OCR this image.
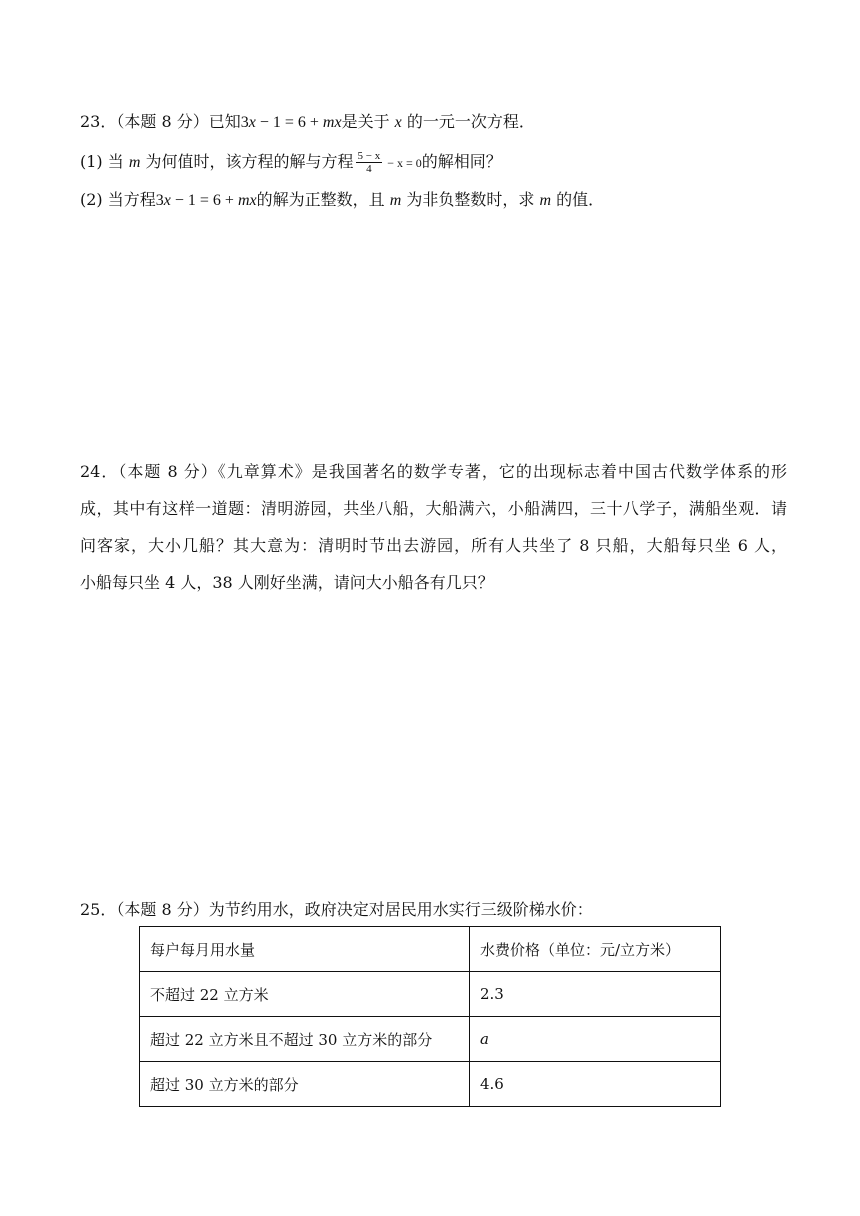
23．（本题 8 分）已知3x − 1 = 6 + mx是关于 x 的一元一次方程．
(1) 当 m 为何值时，该方程的解与方程 $\frac{5 - x}{4} - x = 0$的解相同？
(2) 当方程3x − 1 = 6 + mx的解为正整数，且 m 为非负整数时，求 m 的值．
24．（本题 8 分）《九章算术》是我国著名的数学专著，它的出现标志着中国古代数学体系的形
成，其中有这样一道题：清明游园，共坐八船，大船满六，小船满四，三十八学子，满船坐观．请
问客家，大小几船？其大意为：清明时节出去游园，所有人共坐了 8 只船，大船每只坐 6 人，
小船每只坐 4 人，38 人刚好坐满，请问大小船各有几只？
25．（本题 8 分）为节约用水，政府决定对居民用水实行三级阶梯水价：
每户每月用水量	水费价格（单位：元/立方米）
不超过 22 立方米	2.3
超过 22 立方米且不超过 30 立方米的部分	a
超过 30 立方米的部分	4.6
